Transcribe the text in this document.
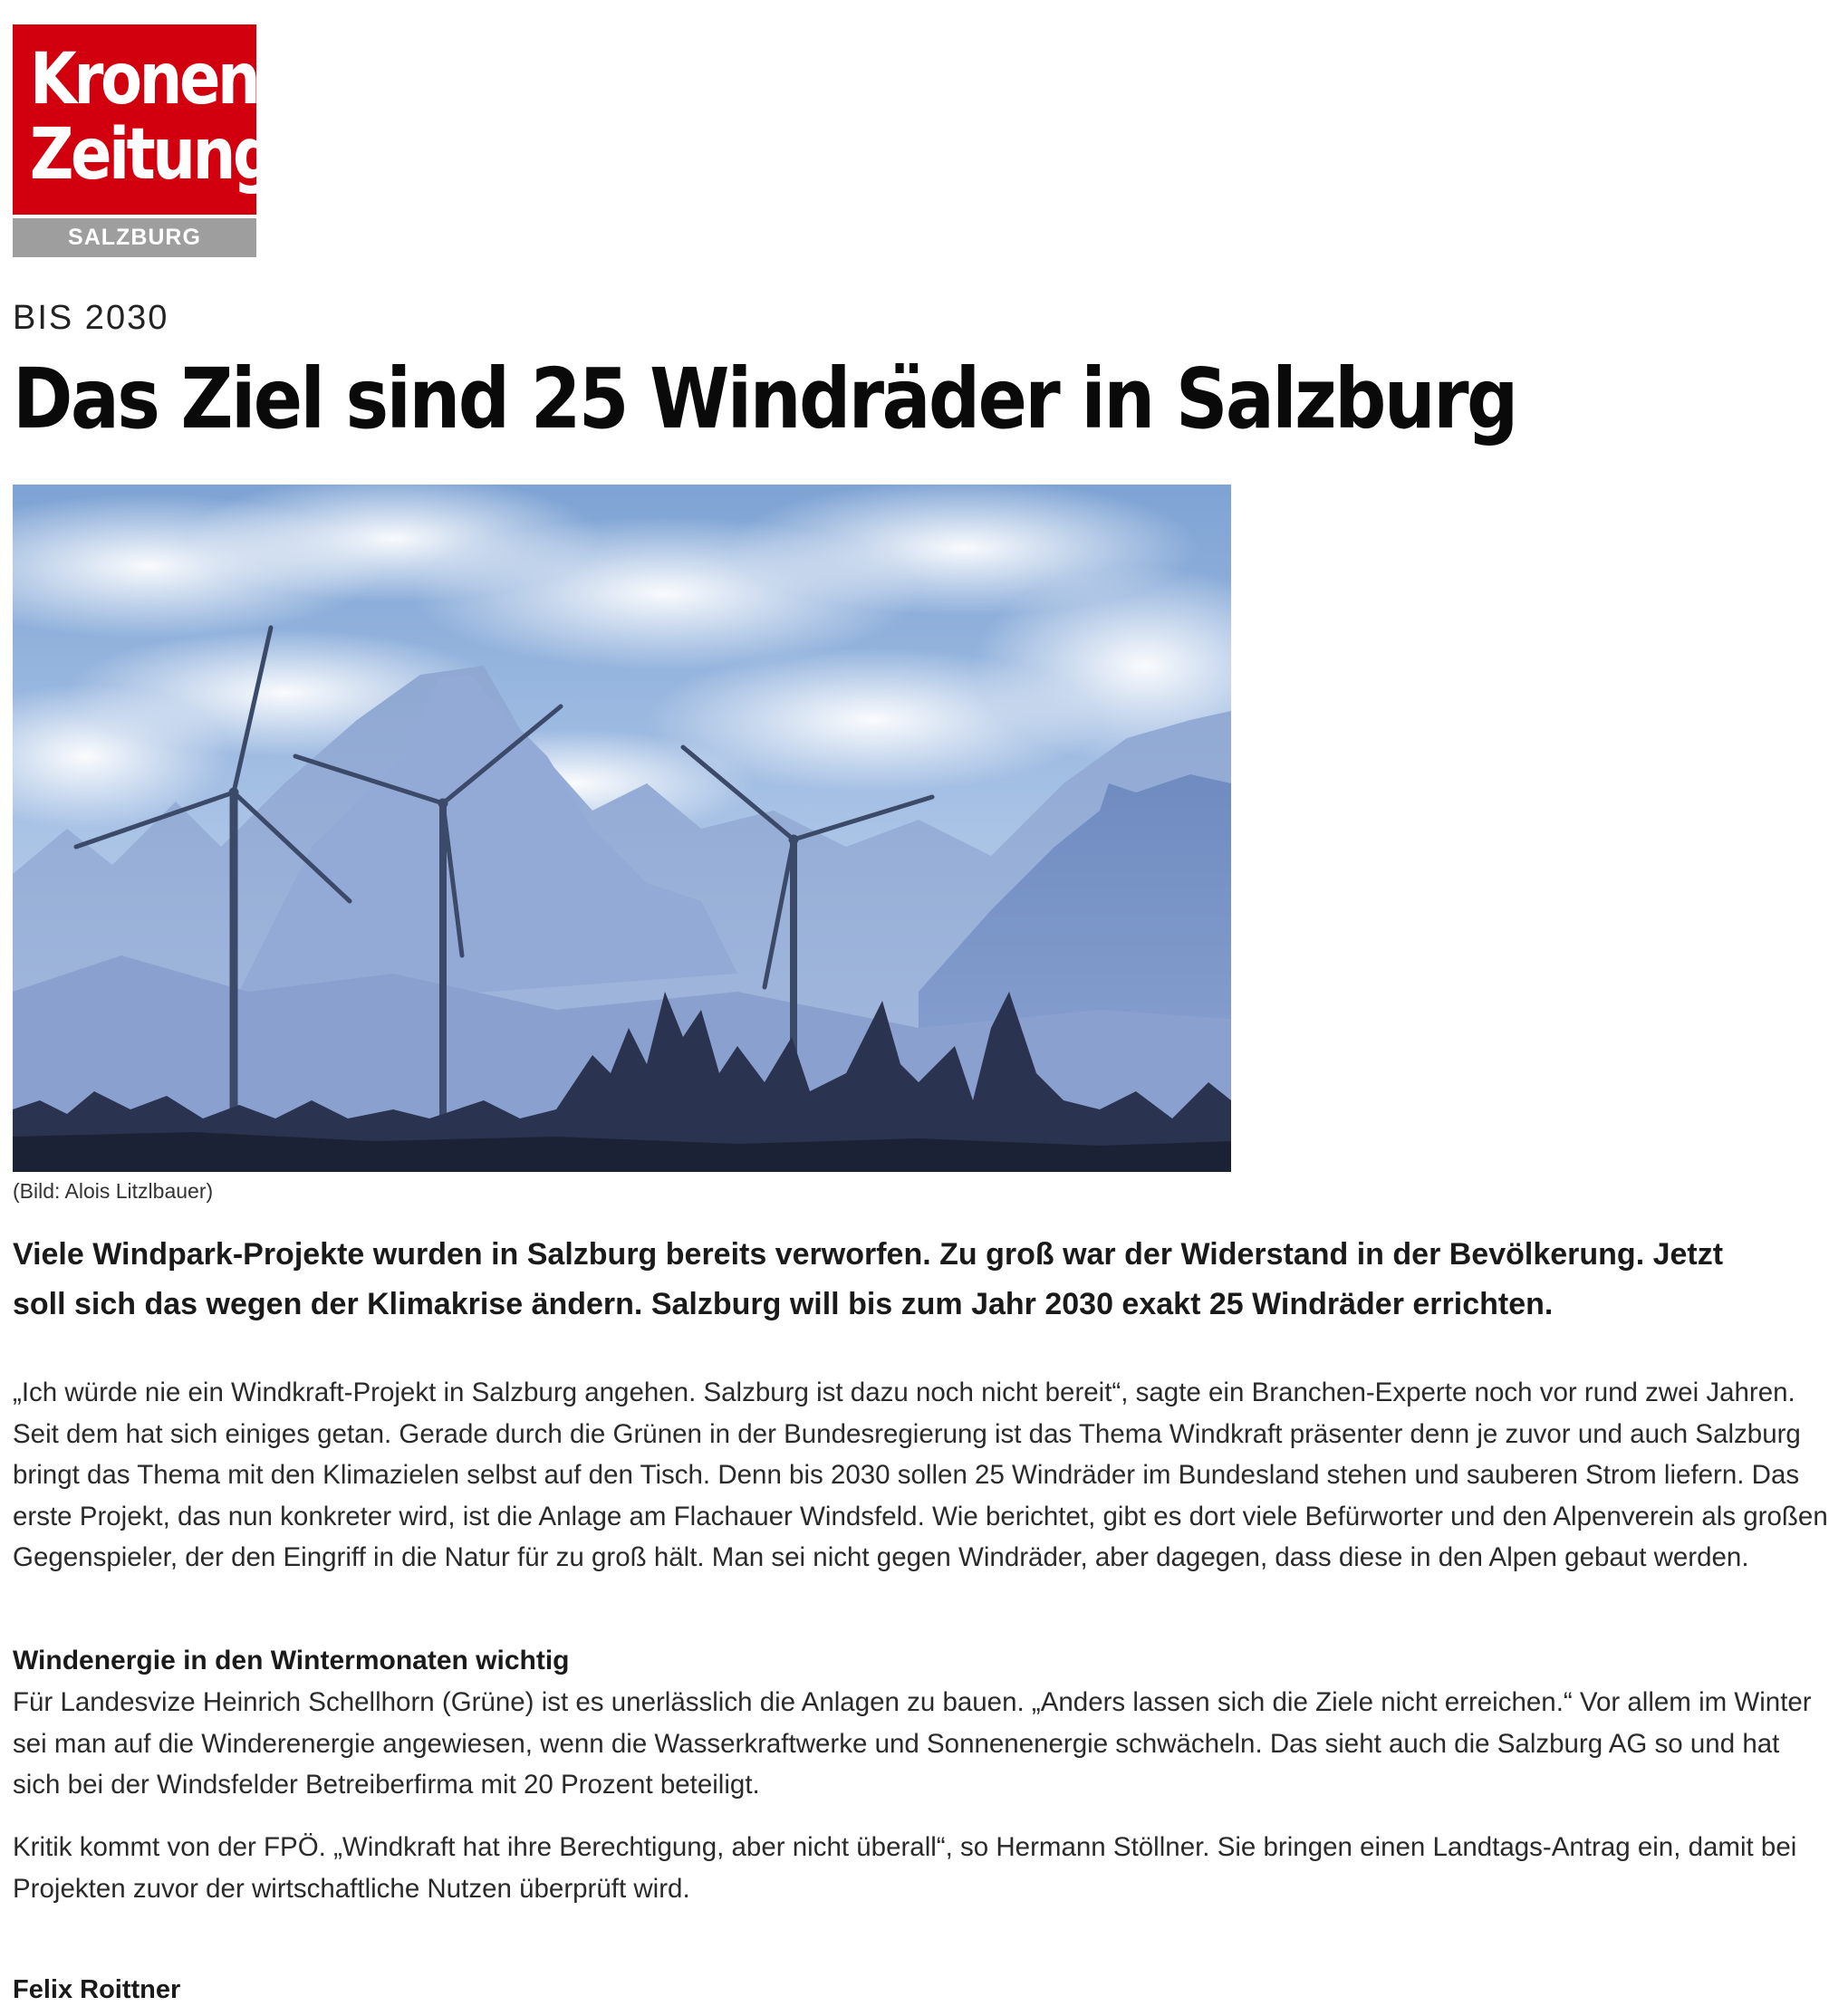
Kronen
Zeitung
SALZBURG
BIS 2030
Das Ziel sind 25 Windräder in Salzburg
(Bild: Alois Litzlbauer)
Viele Windpark-Projekte wurden in Salzburg bereits verworfen. Zu groß war der Widerstand in der Bevölkerung. Jetzt
soll sich das wegen der Klimakrise ändern. Salzburg will bis zum Jahr 2030 exakt 25 Windräder errichten.

„Ich würde nie ein Windkraft-Projekt in Salzburg angehen. Salzburg ist dazu noch nicht bereit“, sagte ein Branchen-Experte noch vor rund zwei Jahren. Seit dem hat sich einiges getan. Gerade durch die Grünen in der Bundesregierung ist das Thema Windkraft präsenter denn je zuvor und auch Salzburg bringt das Thema mit den Klimazielen selbst auf den Tisch. Denn bis 2030 sollen 25 Windräder im Bundesland stehen und sauberen Strom liefern. Das erste Projekt, das nun konkreter wird, ist die Anlage am Flachauer Windsfeld. Wie berichtet, gibt es dort viele Befürworter und den Alpenverein als großen Gegenspieler, der den Eingriff in die Natur für zu groß hält. Man sei nicht gegen Windräder, aber dagegen, dass diese in den Alpen gebaut werden.

Windenergie in den Wintermonaten wichtig

Für Landesvize Heinrich Schellhorn (Grüne) ist es unerlässlich die Anlagen zu bauen. „Anders lassen sich die Ziele nicht erreichen.“ Vor allem im Winter sei man auf die Winderenergie angewiesen, wenn die Wasserkraftwerke und Sonnenenergie schwächeln. Das sieht auch die Salzburg AG so und hat sich bei der Windsfelder Betreiberfirma mit 20 Prozent beteiligt.

Kritik kommt von der FPÖ. „Windkraft hat ihre Berechtigung, aber nicht überall“, so Hermann Stöllner. Sie bringen einen Landtags-Antrag ein, damit bei Projekten zuvor der wirtschaftliche Nutzen überprüft wird.

Felix Roittner
